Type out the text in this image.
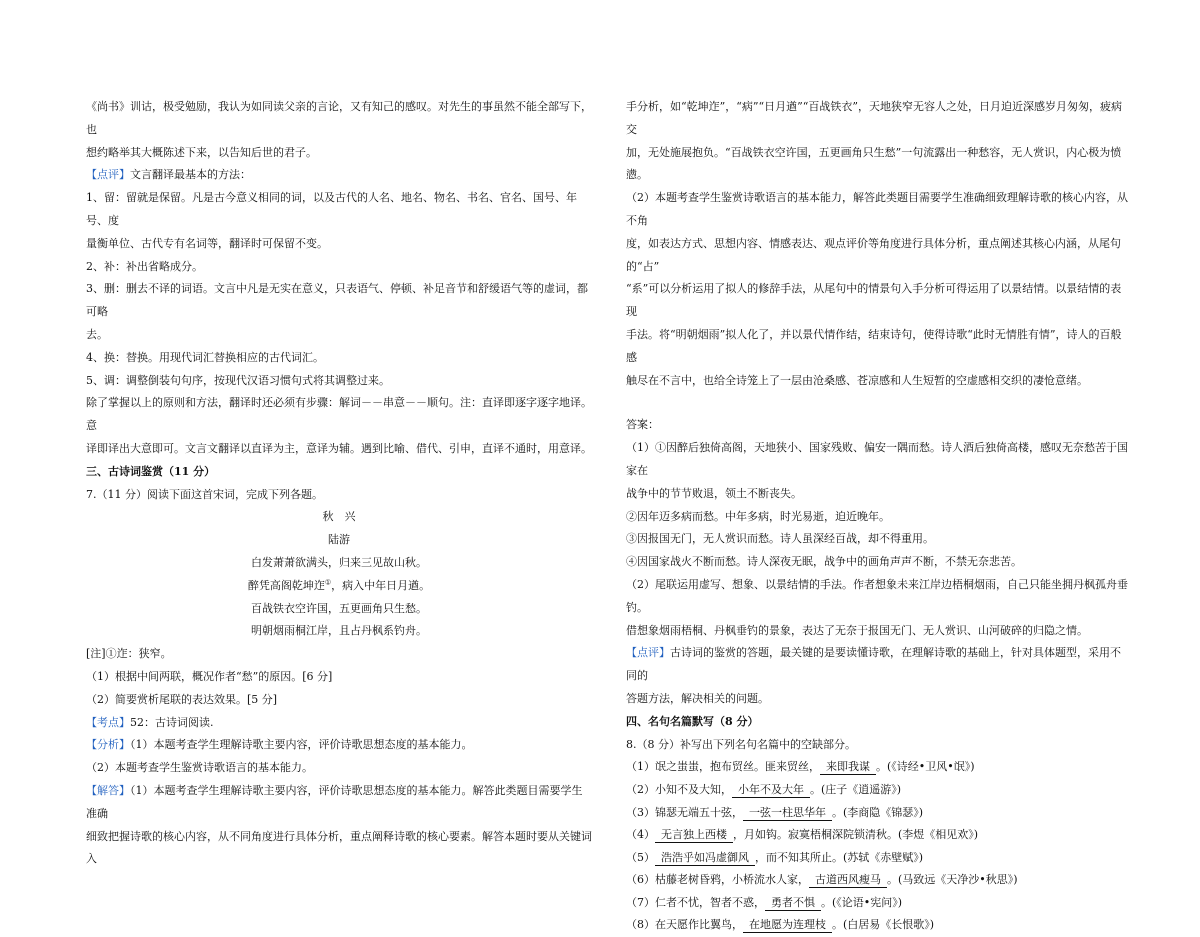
《尚书》训诂，极受勉励，我认为如同读父亲的言论，又有知己的感叹。对先生的事虽然不能全部写下，也

想约略举其大概陈述下来，以告知后世的君子。

【点评】文言翻译最基本的方法：

1、留：留就是保留。凡是古今意义相同的词，以及古代的人名、地名、物名、书名、官名、国号、年号、度

量衡单位、古代专有名词等，翻译时可保留不变。

2、补：补出省略成分。

3、删：删去不译的词语。文言中凡是无实在意义，只表语气、停顿、补足音节和舒缓语气等的虚词，都可略

去。

4、换：替换。用现代词汇替换相应的古代词汇。

5、调：调整倒装句句序，按现代汉语习惯句式将其调整过来。

除了掌握以上的原则和方法，翻译时还必须有步骤：解词－－串意－－顺句。注：直译即逐字逐字地译。意

译即译出大意即可。文言文翻译以直译为主，意译为辅。遇到比喻、借代、引申，直译不通时，用意译。

三、古诗词鉴赏（11 分）

7.（11 分）阅读下面这首宋词，完成下列各题。

秋　兴

陆游

白发萧萧欲满头，归来三见故山秋。

醉凭高阁乾坤迮①，病入中年日月遒。

百战铁衣空许国，五更画角只生愁。

明朝烟雨桐江岸，且占丹枫系钓舟。

[注]①迮：狭窄。

（1）根据中间两联，概况作者“愁”的原因。[6 分]

（2）简要赏析尾联的表达效果。[5 分]

【考点】52：古诗词阅读.

【分析】（1）本题考查学生理解诗歌主要内容，评价诗歌思想态度的基本能力。

（2）本题考查学生鉴赏诗歌语言的基本能力。

【解答】（1）本题考查学生理解诗歌主要内容，评价诗歌思想态度的基本能力。解答此类题目需要学生准确

细致把握诗歌的核心内容，从不同角度进行具体分析，重点阐释诗歌的核心要素。解答本题时要从关键词入

手分析，如“乾坤迮”，“病”“日月遒”“百战铁衣”，天地狭窄无容人之处，日月迫近深感岁月匆匆，疲病交

加，无处施展抱负。“百战铁衣空许国，五更画角只生愁”一句流露出一种愁容，无人赏识，内心极为愤懑。

（2）本题考查学生鉴赏诗歌语言的基本能力，解答此类题目需要学生准确细致理解诗歌的核心内容，从不角

度，如表达方式、思想内容、情感表达、观点评价等角度进行具体分析，重点阐述其核心内涵，从尾句的“占”

“系”可以分析运用了拟人的修辞手法，从尾句中的情景句入手分析可得运用了以景结情。以景结情的表现

手法。将“明朝烟雨”拟人化了，并以景代情作结，结束诗句，使得诗歌“此时无情胜有情”，诗人的百般感

触尽在不言中，也给全诗笼上了一层由沧桑感、苍凉感和人生短暂的空虚感相交织的凄怆意绪。

答案：

（1）①因醉后独倚高阁，天地狭小、国家残败、偏安一隅而愁。诗人酒后独倚高楼，感叹无奈愁苦于国家在

战争中的节节败退，领土不断丧失。

②因年迈多病而愁。中年多病，时光易逝，迫近晚年。

③因报国无门，无人赏识而愁。诗人虽深经百战，却不得重用。

④因国家战火不断而愁。诗人深夜无眠，战争中的画角声声不断，不禁无奈悲苦。

（2）尾联运用虚写、想象、以景结情的手法。作者想象未来江岸边梧桐烟雨，自己只能坐拥丹枫孤舟垂钓。

借想象烟雨梧桐、丹枫垂钓的景象，表达了无奈于报国无门、无人赏识、山河破碎的归隐之情。

【点评】古诗词的鉴赏的答题，最关键的是要读懂诗歌，在理解诗歌的基础上，针对具体题型，采用不同的

答题方法，解决相关的问题。

四、名句名篇默写（8 分）

8.（8 分）补写出下列名句名篇中的空缺部分。

（1）氓之蚩蚩，抱布贸丝。匪来贸丝， 来即我谋 。(《诗经•卫风•氓》)

（2）小知不及大知， 小年不及大年 。(庄子《逍遥游》)

（3）锦瑟无端五十弦， 一弦一柱思华年 。(李商隐《锦瑟》)

（4） 无言独上西楼 ，月如钩。寂寞梧桐深院锁清秋。(李煜《相见欢》)

（5） 浩浩乎如冯虚御风 ，而不知其所止。(苏轼《赤壁赋》)

（6）枯藤老树昏鸦，小桥流水人家， 古道西风瘦马 。(马致远《天净沙•秋思》)

（7）仁者不忧，智者不惑， 勇者不惧 。(《论语•宪问》)

（8）在天愿作比翼鸟， 在地愿为连理枝 。(白居易《长恨歌》)
